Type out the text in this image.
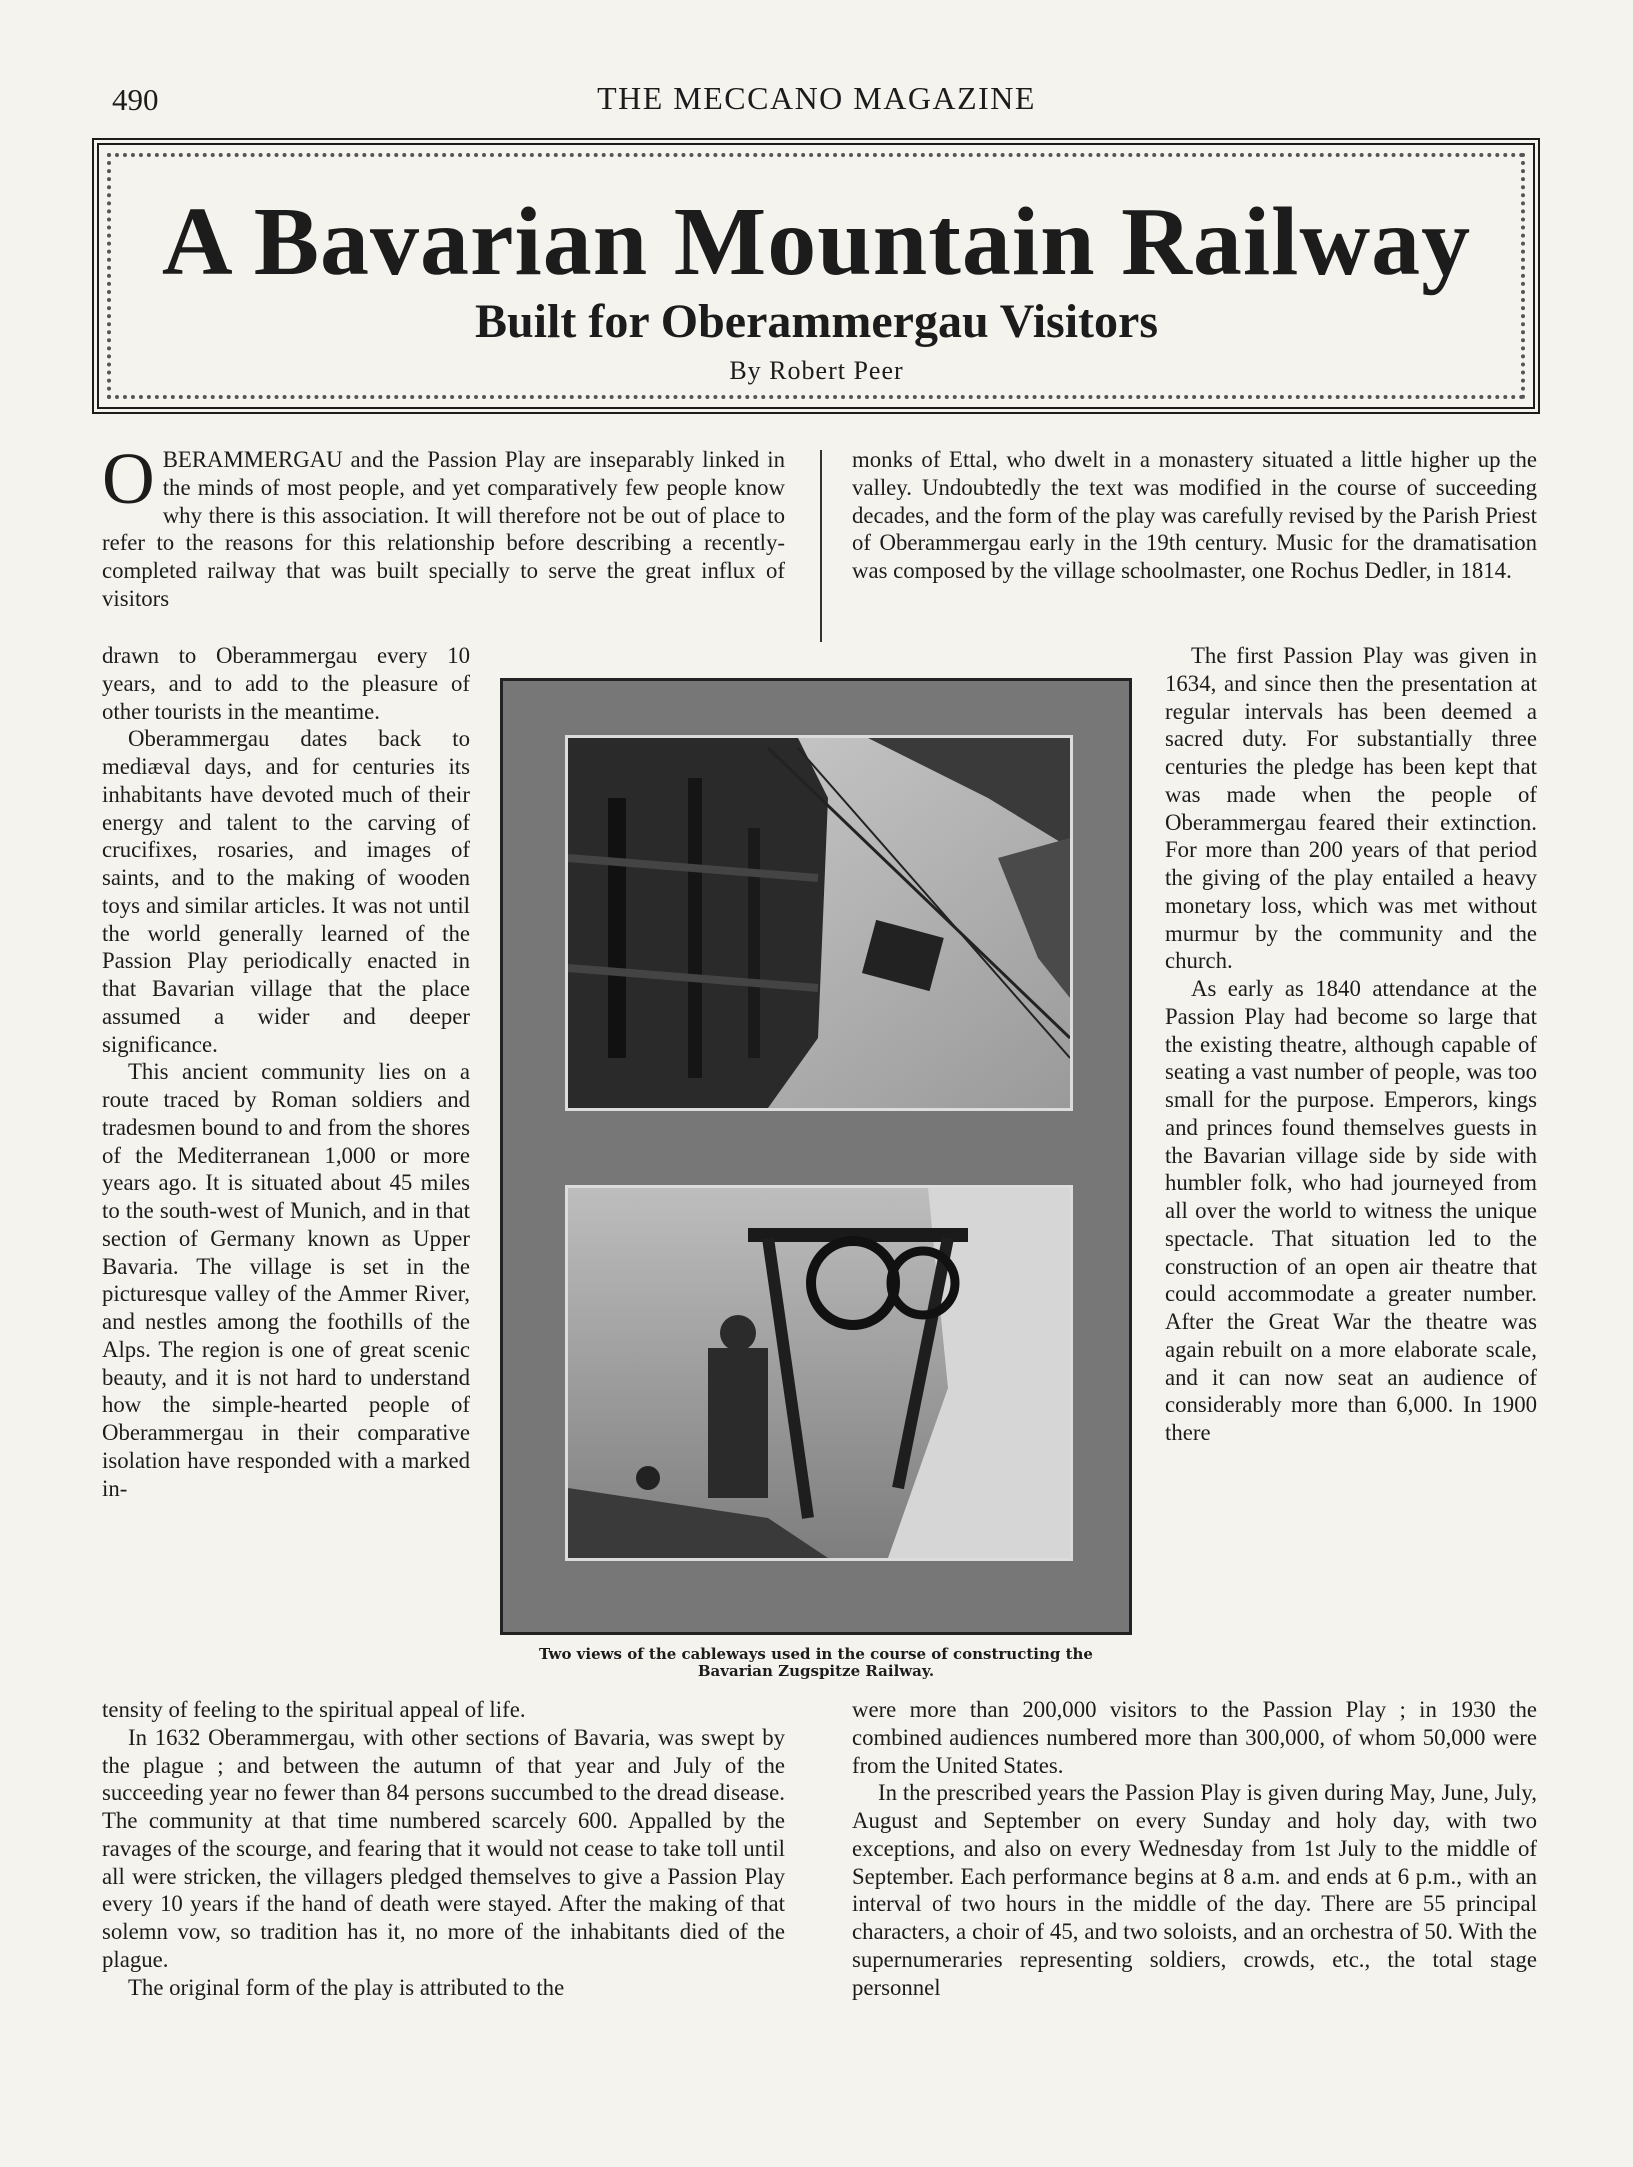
490	THE MECCANO MAGAZINE
A Bavarian Mountain Railway
Built for Oberammergau Visitors
By Robert Peer

OBERAMMERGAU and the Passion Play are inseparably linked in the minds of most people, and yet comparatively few people know why there is this association. It will therefore not be out of place to refer to the reasons for this relationship before describing a recently-completed railway that was built specially to serve the great influx of visitors

drawn to Oberammergau every 10 years, and to add to the pleasure of other tourists in the meantime.

Oberammergau dates back to mediæval days, and for centuries its inhabitants have devoted much of their energy and talent to the carving of crucifixes, rosaries, and images of saints, and to the making of wooden toys and similar articles. It was not until the world generally learned of the Passion Play periodically enacted in that Bavarian village that the place assumed a wider and deeper significance.

This ancient community lies on a route traced by Roman soldiers and tradesmen bound to and from the shores of the Mediterranean 1,000 or more years ago. It is situated about 45 miles to the south-west of Munich, and in that section of Germany known as Upper Bavaria. The village is set in the picturesque valley of the Ammer River, and nestles among the foothills of the Alps. The region is one of great scenic beauty, and it is not hard to understand how the simple-hearted people of Oberammergau in their comparative isolation have responded with a marked in-

tensity of feeling to the spiritual appeal of life.

In 1632 Oberammergau, with other sections of Bavaria, was swept by the plague ; and between the autumn of that year and July of the succeeding year no fewer than 84 persons succumbed to the dread disease. The community at that time numbered scarcely 600. Appalled by the ravages of the scourge, and fearing that it would not cease to take toll until all were stricken, the villagers pledged themselves to give a Passion Play every 10 years if the hand of death were stayed. After the making of that solemn vow, so tradition has it, no more of the inhabitants died of the plague.

The original form of the play is attributed to the

monks of Ettal, who dwelt in a monastery situated a little higher up the valley. Undoubtedly the text was modified in the course of succeeding decades, and the form of the play was carefully revised by the Parish Priest of Oberammergau early in the 19th century. Music for the dramatisation was composed by the village schoolmaster, one Rochus Dedler, in 1814.

The first Passion Play was given in 1634, and since then the presentation at regular intervals has been deemed a sacred duty. For substantially three centuries the pledge has been kept that was made when the people of Oberammergau feared their extinction. For more than 200 years of that period the giving of the play entailed a heavy monetary loss, which was met without murmur by the community and the church.

As early as 1840 attendance at the Passion Play had become so large that the existing theatre, although capable of seating a vast number of people, was too small for the purpose. Emperors, kings and princes found themselves guests in the Bavarian village side by side with humbler folk, who had journeyed from all over the world to witness the unique spectacle. That situation led to the construction of an open air theatre that could accommodate a greater number. After the Great War the theatre was again rebuilt on a more elaborate scale, and it can now seat an audience of considerably more than 6,000. In 1900 there

were more than 200,000 visitors to the Passion Play ; in 1930 the combined audiences numbered more than 300,000, of whom 50,000 were from the United States.

In the prescribed years the Passion Play is given during May, June, July, August and September on every Sunday and holy day, with two exceptions, and also on every Wednesday from 1st July to the middle of September. Each performance begins at 8 a.m. and ends at 6 p.m., with an interval of two hours in the middle of the day. There are 55 principal characters, a choir of 45, and two soloists, and an orchestra of 50. With the supernumeraries representing soldiers, crowds, etc., the total stage personnel

Two views of the cableways used in the course of constructing the Bavarian Zugspitze Railway.
